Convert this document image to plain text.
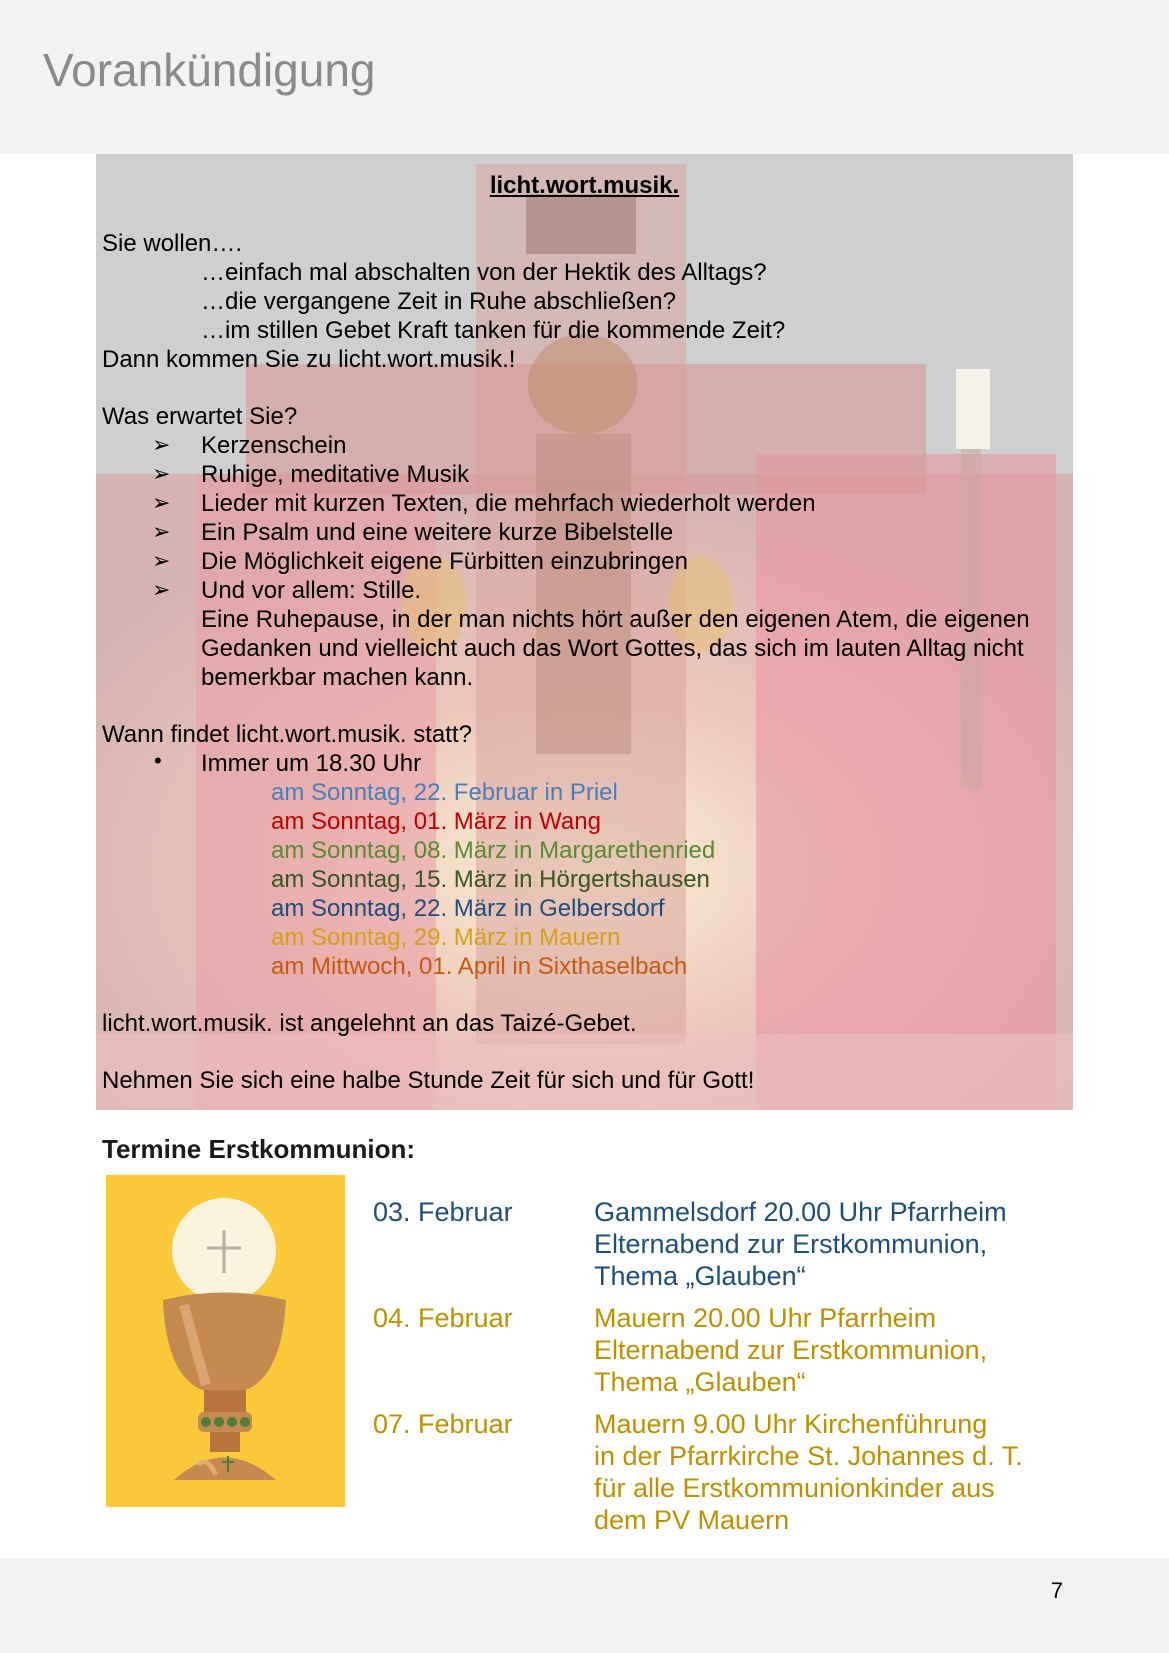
Vorankündigung
licht.wort.musik.
Sie wollen….
…einfach mal abschalten von der Hektik des Alltags?
…die vergangene Zeit in Ruhe abschließen?
…im stillen Gebet Kraft tanken für die kommende Zeit?
Dann kommen Sie zu licht.wort.musik.!
Was erwartet Sie?
➢ Kerzenschein
➢ Ruhige, meditative Musik
➢ Lieder mit kurzen Texten, die mehrfach wiederholt werden
➢ Ein Psalm und eine weitere kurze Bibelstelle
➢ Die Möglichkeit eigene Fürbitten einzubringen
➢ Und vor allem: Stille.
Eine Ruhepause, in der man nichts hört außer den eigenen Atem, die eigenen
Gedanken und vielleicht auch das Wort Gottes, das sich im lauten Alltag nicht
bemerkbar machen kann.
Wann findet licht.wort.musik. statt?
• Immer um 18.30 Uhr
am Sonntag, 22. Februar in Priel
am Sonntag, 01. März in Wang
am Sonntag, 08. März in Margarethenried
am Sonntag, 15. März in Hörgertshausen
am Sonntag, 22. März in Gelbersdorf
am Sonntag, 29. März in Mauern
am Mittwoch, 01. April in Sixthaselbach
licht.wort.musik. ist angelehnt an das Taizé-Gebet.
Nehmen Sie sich eine halbe Stunde Zeit für sich und für Gott!
Termine Erstkommunion:
03. Februar	Gammelsdorf 20.00 Uhr Pfarrheim
Elternabend zur Erstkommunion,
Thema „Glauben“
04. Februar	Mauern 20.00 Uhr Pfarrheim
Elternabend zur Erstkommunion,
Thema „Glauben“
07. Februar	Mauern 9.00 Uhr Kirchenführung
in der Pfarrkirche St. Johannes d. T.
für alle Erstkommunionkinder aus
dem PV Mauern
7
